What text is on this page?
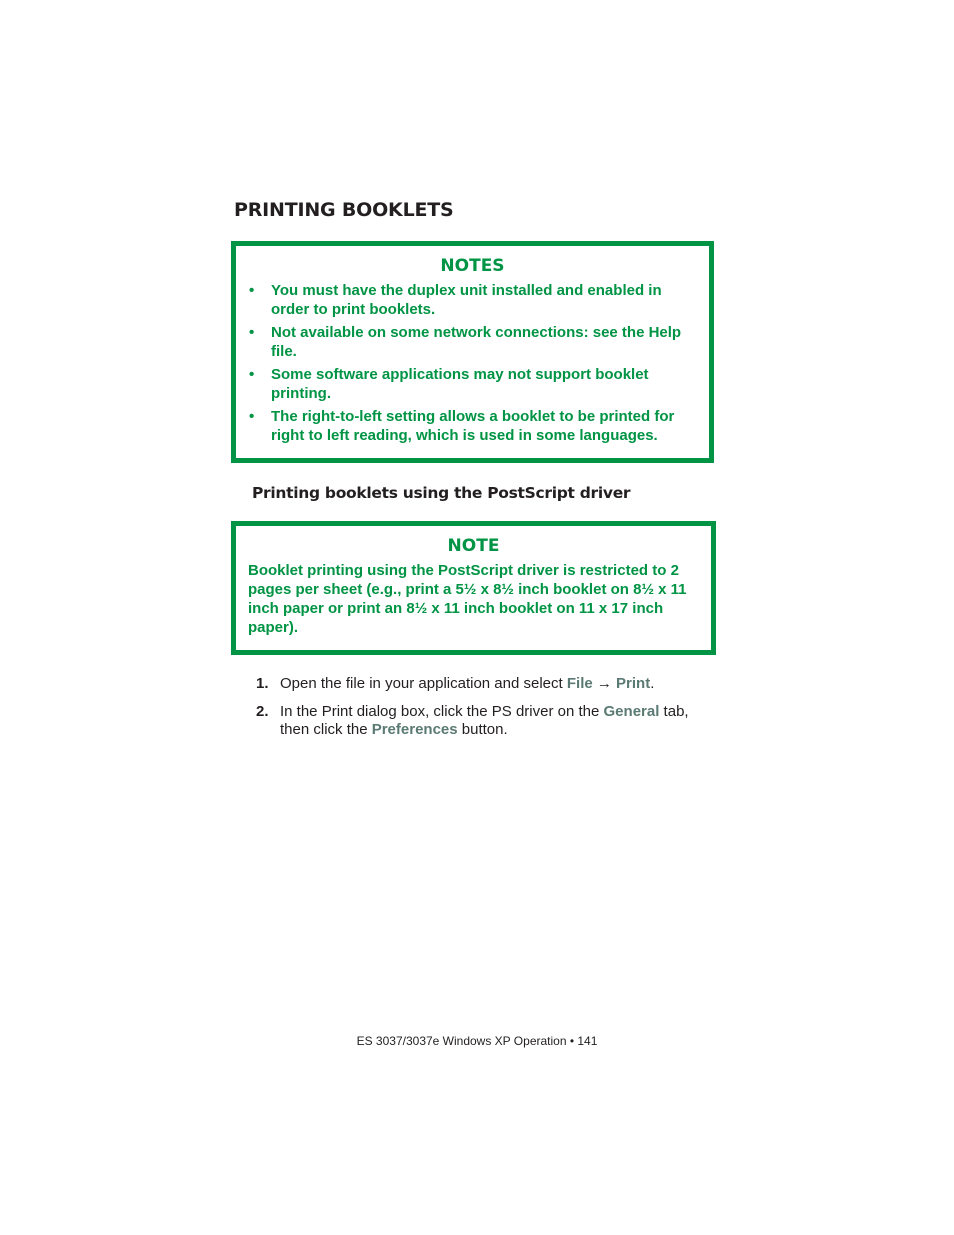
PRINTING BOOKLETS

NOTES

• You must have the duplex unit installed and enabled in order to print booklets.
• Not available on some network connections: see the Help file.
• Some software applications may not support booklet printing.
• The right-to-left setting allows a booklet to be printed for right to left reading, which is used in some languages.
Printing booklets using the PostScript driver

NOTE

Booklet printing using the PostScript driver is restricted to 2 pages per sheet (e.g., print a 5½ x 8½ inch booklet on 8½ x 11 inch paper or print an 8½ x 11 inch booklet on 11 x 17 inch paper).

1. Open the file in your application and select File → Print.
2. In the Print dialog box, click the PS driver on the General tab, then click the Preferences button.
ES 3037/3037e Windows XP Operation • 141
